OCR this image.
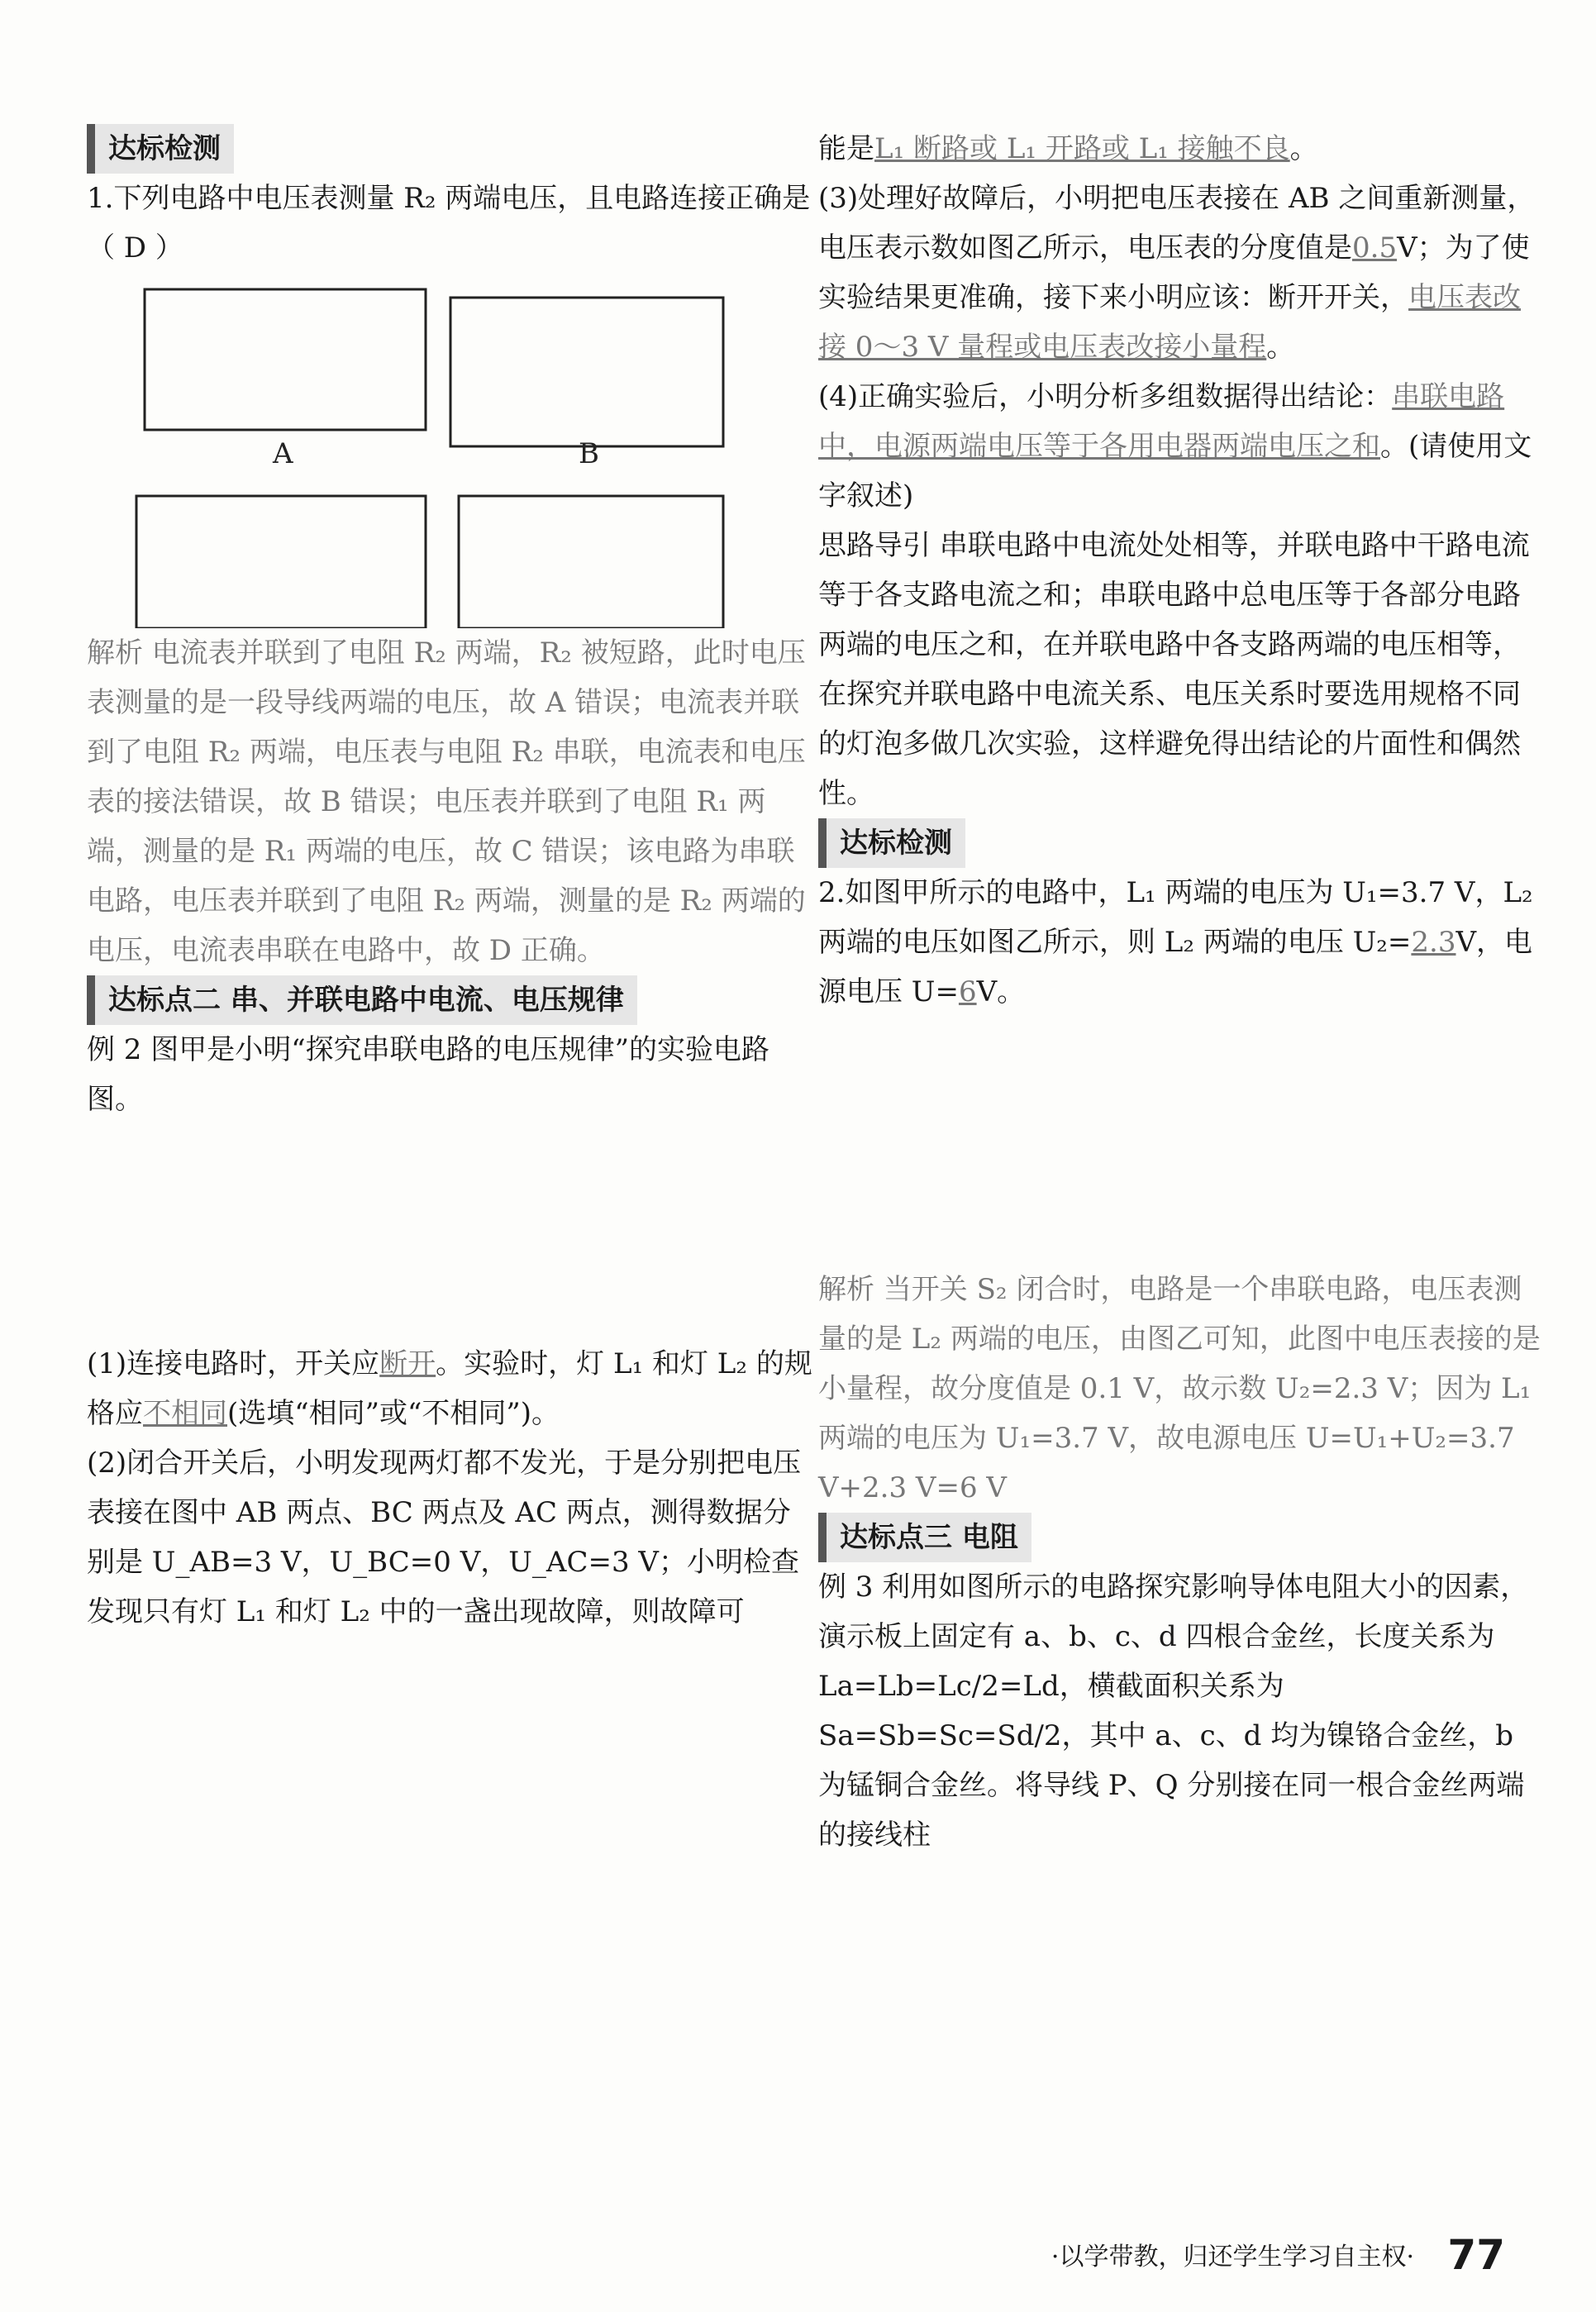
达标检测
1.下列电路中电压表测量 R₂ 两端电压，且电路连接正确是 （ D ）
A	B
解析 电流表并联到了电阻 R₂ 两端，R₂ 被短路，此时电压表测量的是一段导线两端的电压，故 A 错误；电流表并联到了电阻 R₂ 两端，电压表与电阻 R₂ 串联，电流表和电压表的接法错误，故 B 错误；电压表并联到了电阻 R₁ 两端，测量的是 R₁ 两端的电压，故 C 错误；该电路为串联电路，电压表并联到了电阻 R₂ 两端，测量的是 R₂ 两端的电压，电流表串联在电路中，故 D 正确。
达标点二 串、并联电路中电流、电压规律
例 2 图甲是小明“探究串联电路的电压规律”的实验电路图。
(1)连接电路时，开关应断开。实验时，灯 L₁ 和灯 L₂ 的规格应不相同(选填“相同”或“不相同”)。
(2)闭合开关后，小明发现两灯都不发光，于是分别把电压表接在图中 AB 两点、BC 两点及 AC 两点，测得数据分别是 U_AB=3 V，U_BC=0 V，U_AC=3 V；小明检查发现只有灯 L₁ 和灯 L₂ 中的一盏出现故障，则故障可
能是L₁ 断路或 L₁ 开路或 L₁ 接触不良。
(3)处理好故障后，小明把电压表接在 AB 之间重新测量，电压表示数如图乙所示，电压表的分度值是0.5V；为了使实验结果更准确，接下来小明应该：断开开关，电压表改接 0～3 V 量程或电压表改接小量程。
(4)正确实验后，小明分析多组数据得出结论：串联电路中，电源两端电压等于各用电器两端电压之和。(请使用文字叙述)
思路导引 串联电路中电流处处相等，并联电路中干路电流等于各支路电流之和；串联电路中总电压等于各部分电路两端的电压之和，在并联电路中各支路两端的电压相等，在探究并联电路中电流关系、电压关系时要选用规格不同的灯泡多做几次实验，这样避免得出结论的片面性和偶然性。
达标检测
2.如图甲所示的电路中，L₁ 两端的电压为 U₁=3.7 V，L₂ 两端的电压如图乙所示，则 L₂ 两端的电压 U₂=2.3V，电源电压 U=6V。
解析 当开关 S₂ 闭合时，电路是一个串联电路，电压表测量的是 L₂ 两端的电压，由图乙可知，此图中电压表接的是小量程，故分度值是 0.1 V，故示数 U₂=2.3 V；因为 L₁ 两端的电压为 U₁=3.7 V，故电源电压 U=U₁+U₂=3.7 V+2.3 V=6 V
达标点三 电阻
例 3 利用如图所示的电路探究影响导体电阻大小的因素，演示板上固定有 a、b、c、d 四根合金丝，长度关系为 La=Lb=Lc/2=Ld，横截面积关系为 Sa=Sb=Sc=Sd/2，其中 a、c、d 均为镍铬合金丝，b 为锰铜合金丝。将导线 P、Q 分别接在同一根合金丝两端的接线柱
·以学带教，归还学生学习自主权· 77
